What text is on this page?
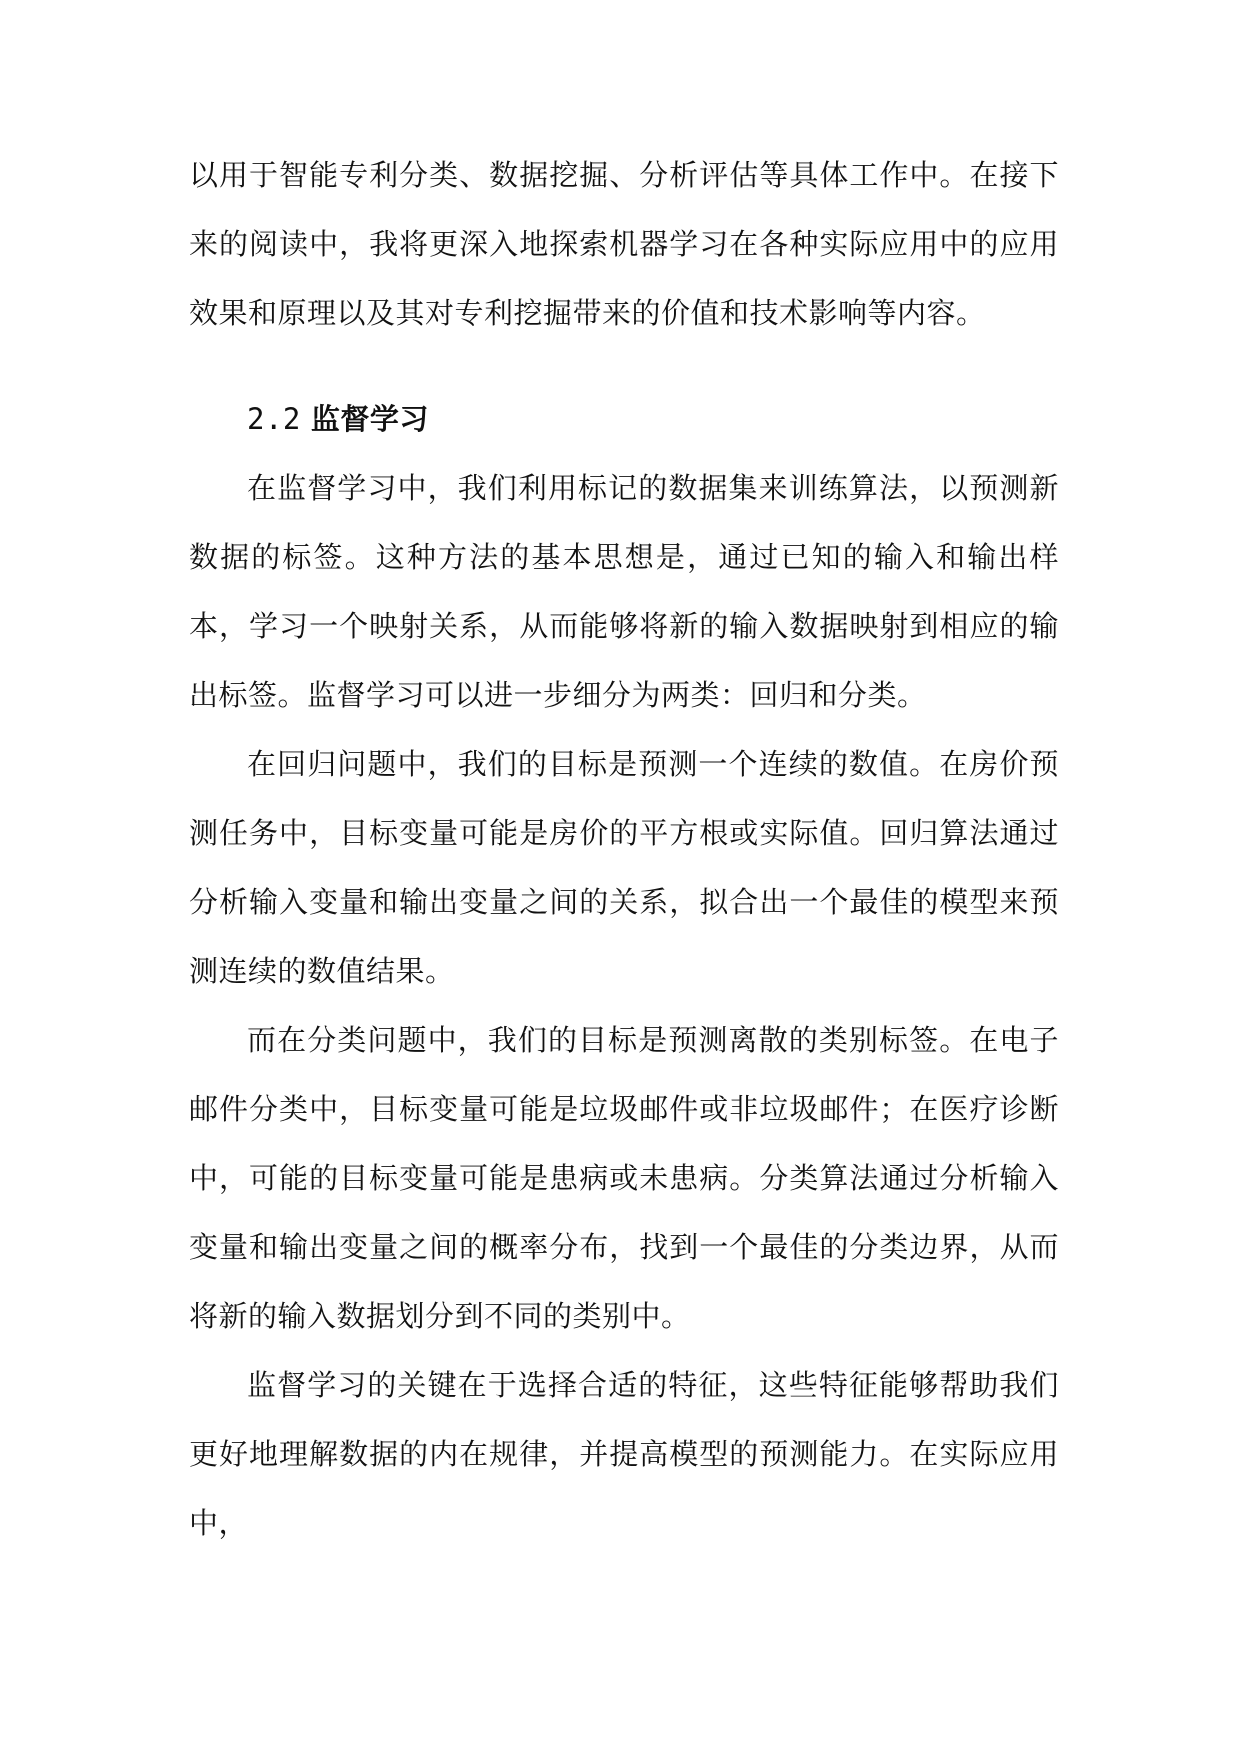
以用于智能专利分类、数据挖掘、分析评估等具体工作中。在接下来的阅读中，我将更深入地探索机器学习在各种实际应用中的应用效果和原理以及其对专利挖掘带来的价值和技术影响等内容。

2.2 监督学习

在监督学习中，我们利用标记的数据集来训练算法，以预测新数据的标签。这种方法的基本思想是，通过已知的输入和输出样本，学习一个映射关系，从而能够将新的输入数据映射到相应的输出标签。监督学习可以进一步细分为两类：回归和分类。

在回归问题中，我们的目标是预测一个连续的数值。在房价预测任务中，目标变量可能是房价的平方根或实际值。回归算法通过分析输入变量和输出变量之间的关系，拟合出一个最佳的模型来预测连续的数值结果。

而在分类问题中，我们的目标是预测离散的类别标签。在电子邮件分类中，目标变量可能是垃圾邮件或非垃圾邮件；在医疗诊断中，可能的目标变量可能是患病或未患病。分类算法通过分析输入变量和输出变量之间的概率分布，找到一个最佳的分类边界，从而将新的输入数据划分到不同的类别中。

监督学习的关键在于选择合适的特征，这些特征能够帮助我们更好地理解数据的内在规律，并提高模型的预测能力。在实际应用中，
